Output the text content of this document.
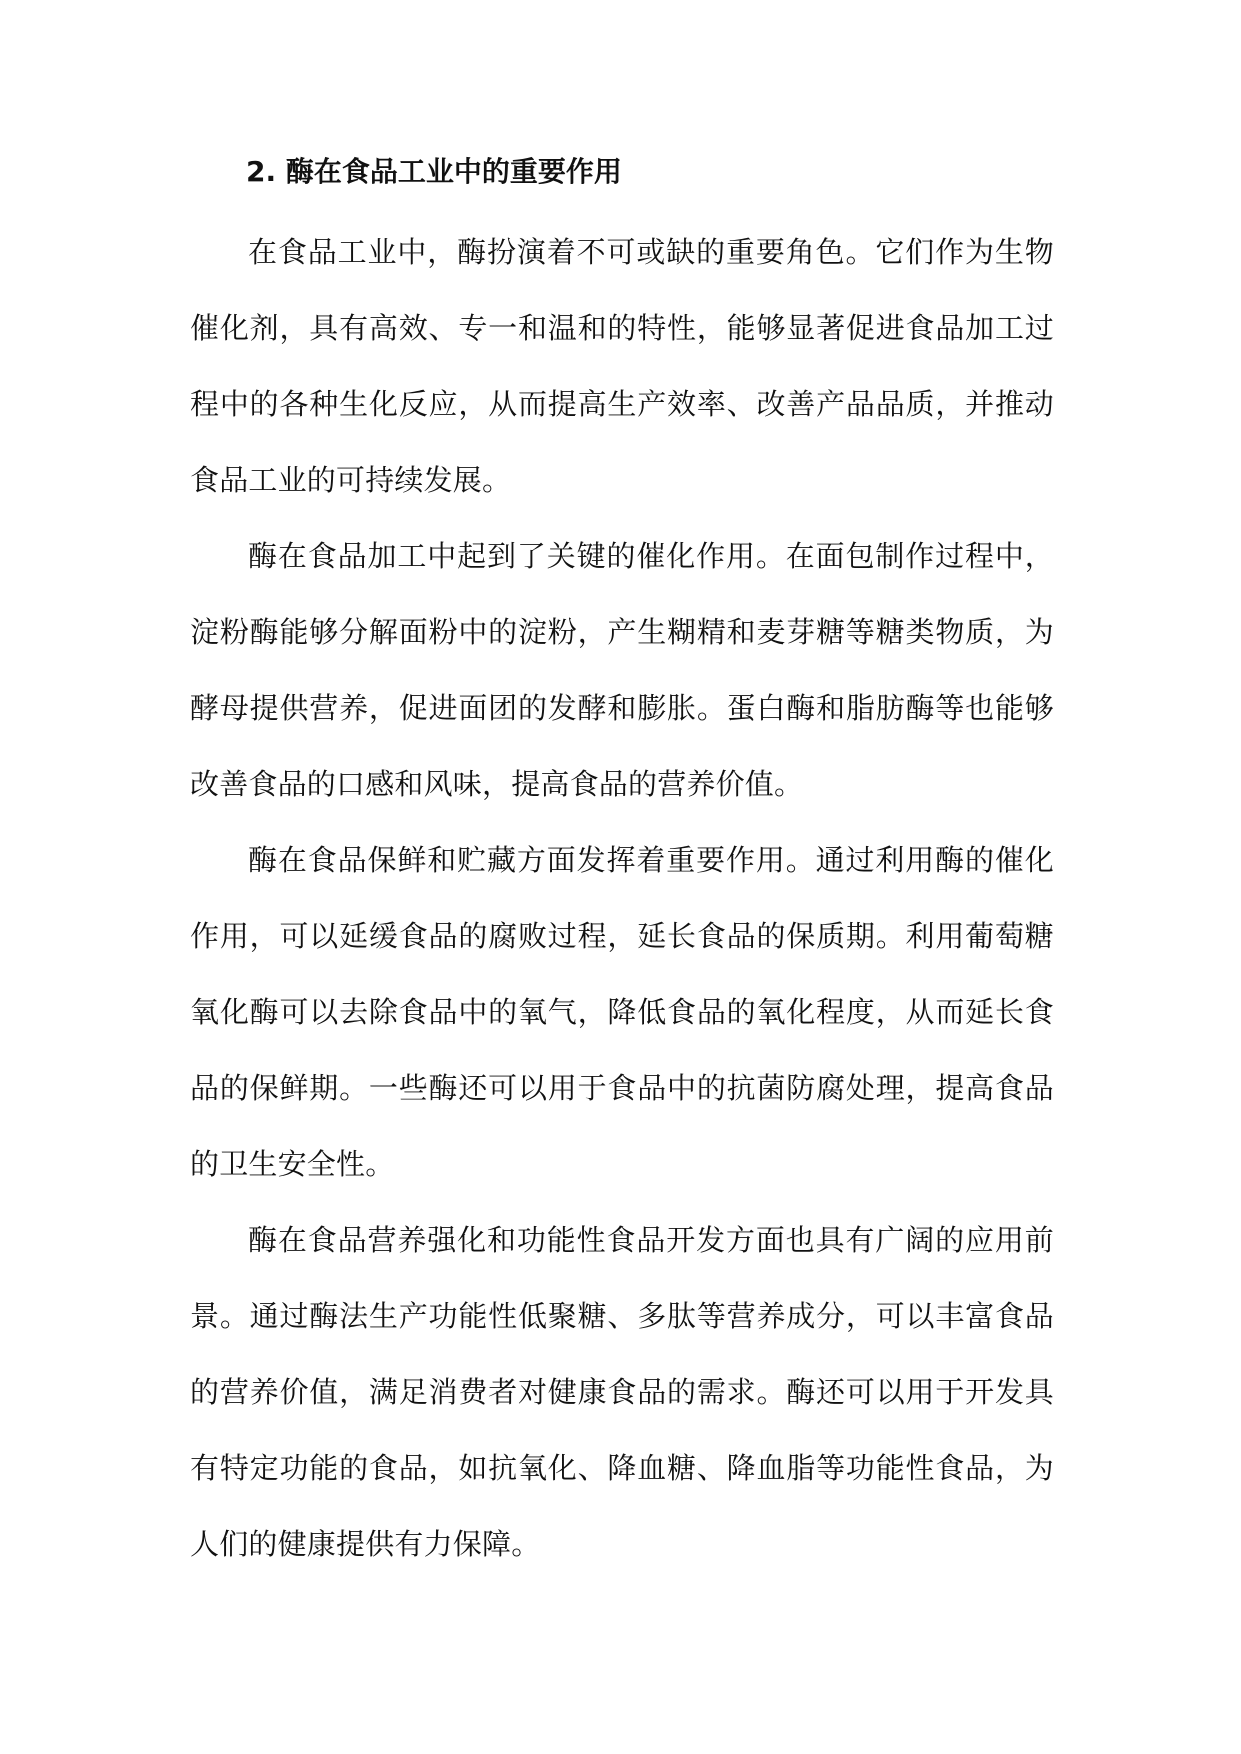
2. 酶在食品工业中的重要作用

在食品工业中，酶扮演着不可或缺的重要角色。它们作为生物催化剂，具有高效、专一和温和的特性，能够显著促进食品加工过程中的各种生化反应，从而提高生产效率、改善产品品质，并推动食品工业的可持续发展。

酶在食品加工中起到了关键的催化作用。在面包制作过程中，淀粉酶能够分解面粉中的淀粉，产生糊精和麦芽糖等糖类物质，为酵母提供营养，促进面团的发酵和膨胀。蛋白酶和脂肪酶等也能够改善食品的口感和风味，提高食品的营养价值。

酶在食品保鲜和贮藏方面发挥着重要作用。通过利用酶的催化作用，可以延缓食品的腐败过程，延长食品的保质期。利用葡萄糖氧化酶可以去除食品中的氧气，降低食品的氧化程度，从而延长食品的保鲜期。一些酶还可以用于食品中的抗菌防腐处理，提高食品的卫生安全性。

酶在食品营养强化和功能性食品开发方面也具有广阔的应用前景。通过酶法生产功能性低聚糖、多肽等营养成分，可以丰富食品的营养价值，满足消费者对健康食品的需求。酶还可以用于开发具有特定功能的食品，如抗氧化、降血糖、降血脂等功能性食品，为人们的健康提供有力保障。
